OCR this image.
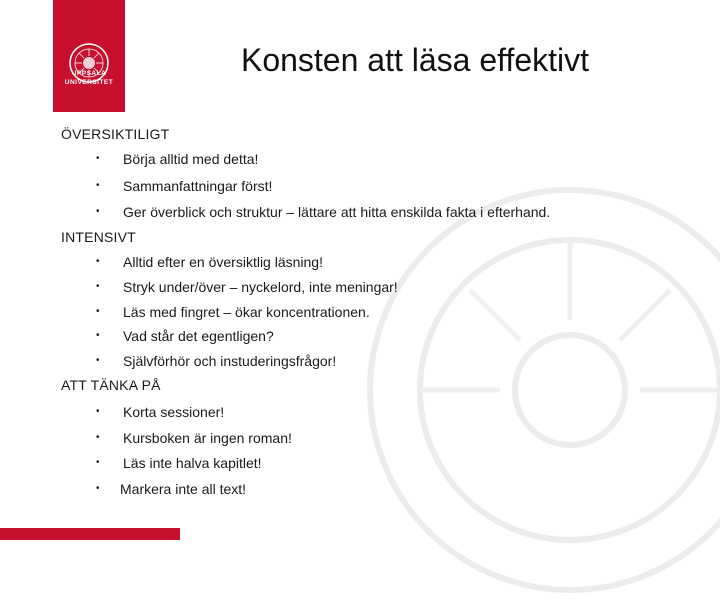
UPPSALA
UNIVERSITET
Konsten att läsa effektivt
ÖVERSIKTILIGT
• Börja alltid med detta!
• Sammanfattningar först!
• Ger överblick och struktur – lättare att hitta enskilda fakta i efterhand.
INTENSIVT
• Alltid efter en översiktlig läsning!
• Stryk under/över – nyckelord, inte meningar!
• Läs med fingret – ökar koncentrationen.
• Vad står det egentligen?
• Självförhör och instuderingsfrågor!
ATT TÄNKA PÅ
• Korta sessioner!
• Kursboken är ingen roman!
• Läs inte halva kapitlet!
• Markera inte all text!
